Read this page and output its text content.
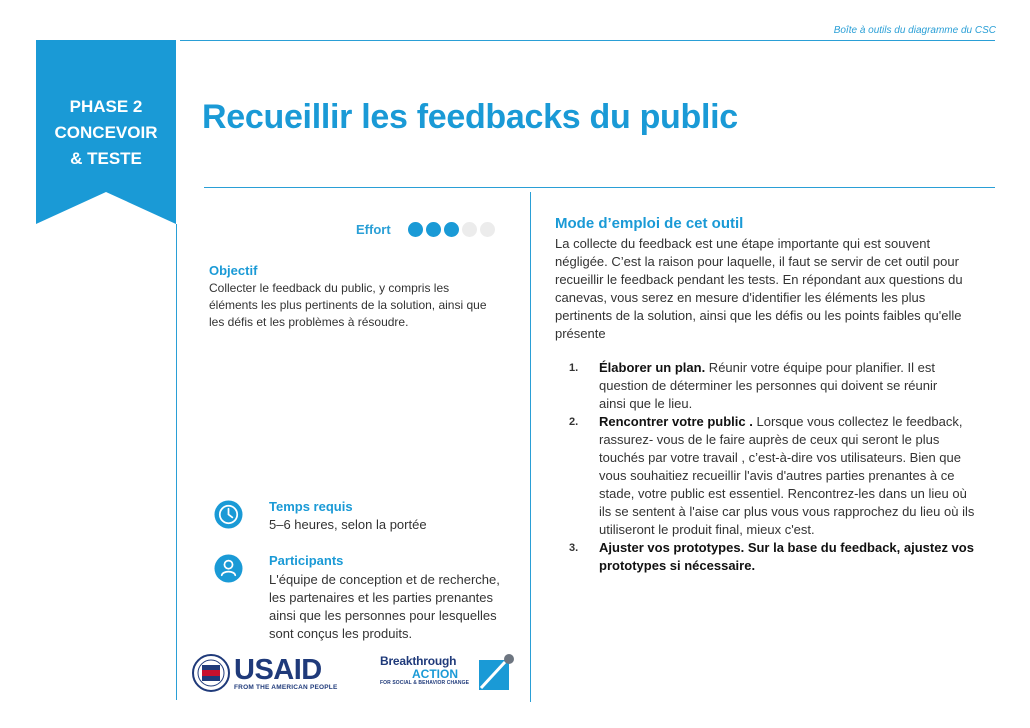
Boîte à outils du diagramme du CSC
PHASE 2
CONCEVOIR
& TESTE
Recueillir les feedbacks du public
Effort
Objectif
Collecter le feedback du public, y compris les
éléments les plus pertinents de la solution, ainsi que
les défis et les problèmes à résoudre.
Temps requis
5–6 heures, selon la portée
Participants
L'équipe de conception et de recherche,
les partenaires et les parties prenantes
ainsi que les personnes pour lesquelles
sont conçus les produits.
Mode d’emploi de cet outil
La collecte du feedback est une étape importante qui est souvent
négligée. C’est la raison pour laquelle, il faut se servir de cet outil pour
recueillir le feedback pendant les tests. En répondant aux questions du
canevas, vous serez en mesure d'identifier les éléments les plus
pertinents de la solution, ainsi que les défis ou les points faibles qu'elle
présente
1.	Élaborer un plan. Réunir votre équipe pour planifier. Il est
question de déterminer les personnes qui doivent se réunir
ainsi que le lieu.
2.	Rencontrer votre public . Lorsque vous collectez le feedback,
rassurez- vous de le faire auprès de ceux qui seront le plus
touchés par votre travail , c’est-à-dire vos utilisateurs. Bien que
vous souhaitiez recueillir l'avis d'autres parties prenantes à ce
stade, votre public est essentiel. Rencontrez-les dans un lieu où
ils se sentent à l'aise car plus vous vous rapprochez du lieu où ils
utiliseront le produit final, mieux c'est.
3.	Ajuster vos prototypes. Sur la base du feedback, ajustez vos
prototypes si nécessaire.
USAID
FROM THE AMERICAN PEOPLE
Breakthrough
ACTION
FOR SOCIAL & BEHAVIOR CHANGE
